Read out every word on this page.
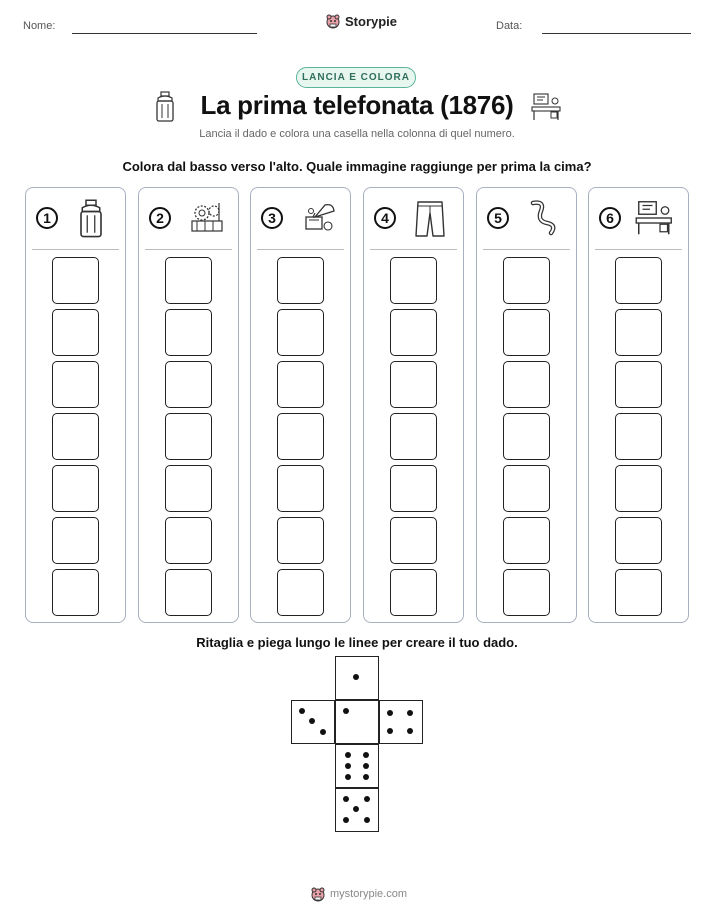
Nome:	Storypie	Data:
LANCIA E COLORA
La prima telefonata (1876)
Lancia il dado e colora una casella nella colonna di quel numero.
Colora dal basso verso l'alto. Quale immagine raggiunge per prima la cima?
1	2	3	4	5	6
Ritaglia e piega lungo le linee per creare il tuo dado.
mystorypie.com
